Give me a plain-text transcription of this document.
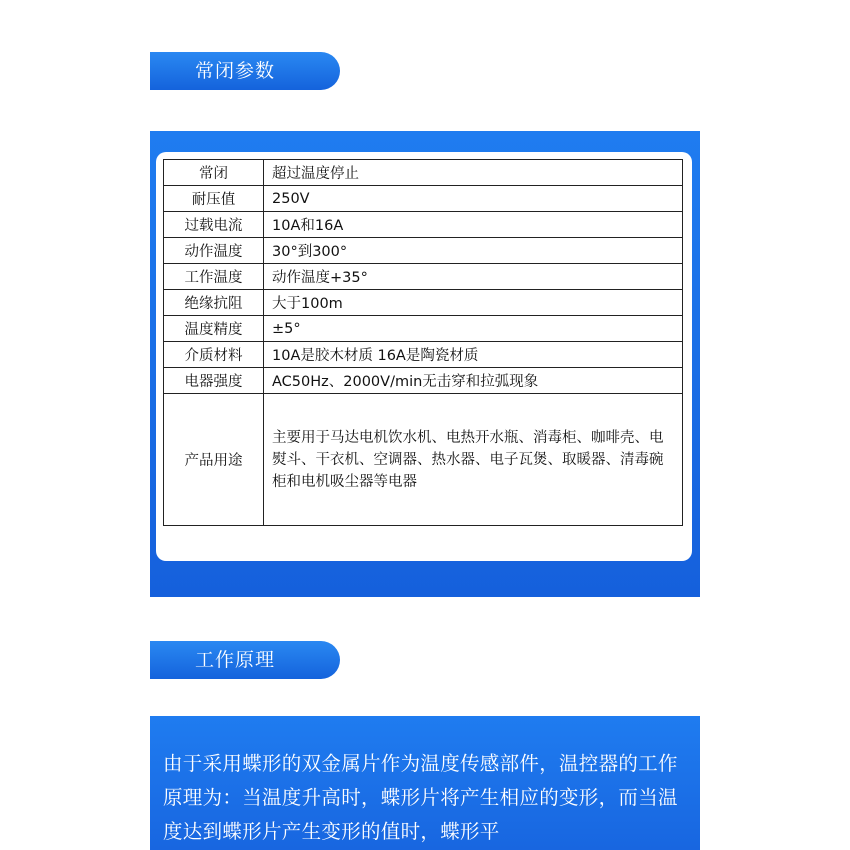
常闭参数
常闭	超过温度停止
耐压值	250V
过载电流	10A和16A
动作温度	30°到300°
工作温度	动作温度+35°
绝缘抗阻	大于100m
温度精度	±5°
介质材料	10A是胶木材质 16A是陶瓷材质
电器强度	AC50Hz、2000V/min无击穿和拉弧现象
产品用途	主要用于马达电机饮水机、电热开水瓶、消毒柜、咖啡壳、电熨斗、干衣机、空调器、热水器、电子瓦煲、取暖器、清毒碗柜和电机吸尘器等电器
工作原理
由于采用蝶形的双金属片作为温度传感部件，温控器的工作原理为：当温度升高时，蝶形片将产生相应的变形，而当温度达到蝶形片产生变形的值时，蝶形平
